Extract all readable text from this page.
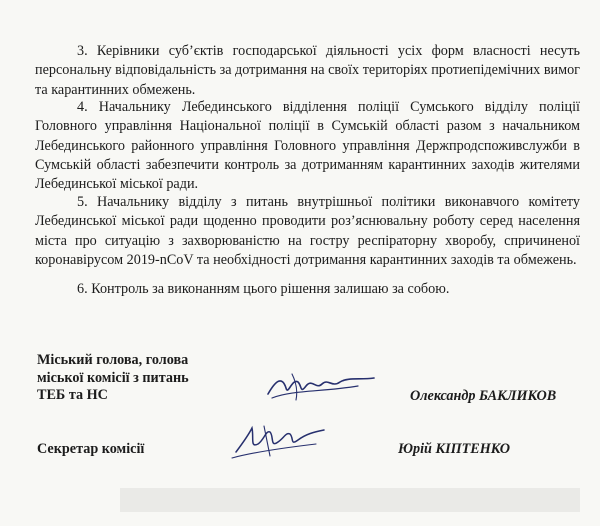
3. Керівники суб’єктів господарської діяльності усіх форм власності несуть персональну відповідальність за дотримання на своїх територіях протиепідемічних вимог та карантинних обмежень.

4. Начальнику Лебединського відділення поліції Сумського відділу поліції Головного управління Національної поліції в Сумській області разом з начальником Лебединського районного управління Головного управління Держпродспоживслужби в Сумській області забезпечити контроль за дотриманням карантинних заходів жителями Лебединської міської ради.

5. Начальнику відділу з питань внутрішньої політики виконавчого комітету Лебединської міської ради щоденно проводити роз’яснювальну роботу серед населення міста про ситуацію з захворюваністю на гостру респіраторну хворобу, спричиненої коронавірусом 2019-nCoV та необхідності дотримання карантинних заходів та обмежень.

6. Контроль за виконанням цього рішення залишаю за собою.

Міський голова, голова
міської комісії з питань
ТЕБ та НС	Олександр БАКЛИКОВ
Секретар комісії	Юрій КІПТЕНКО
